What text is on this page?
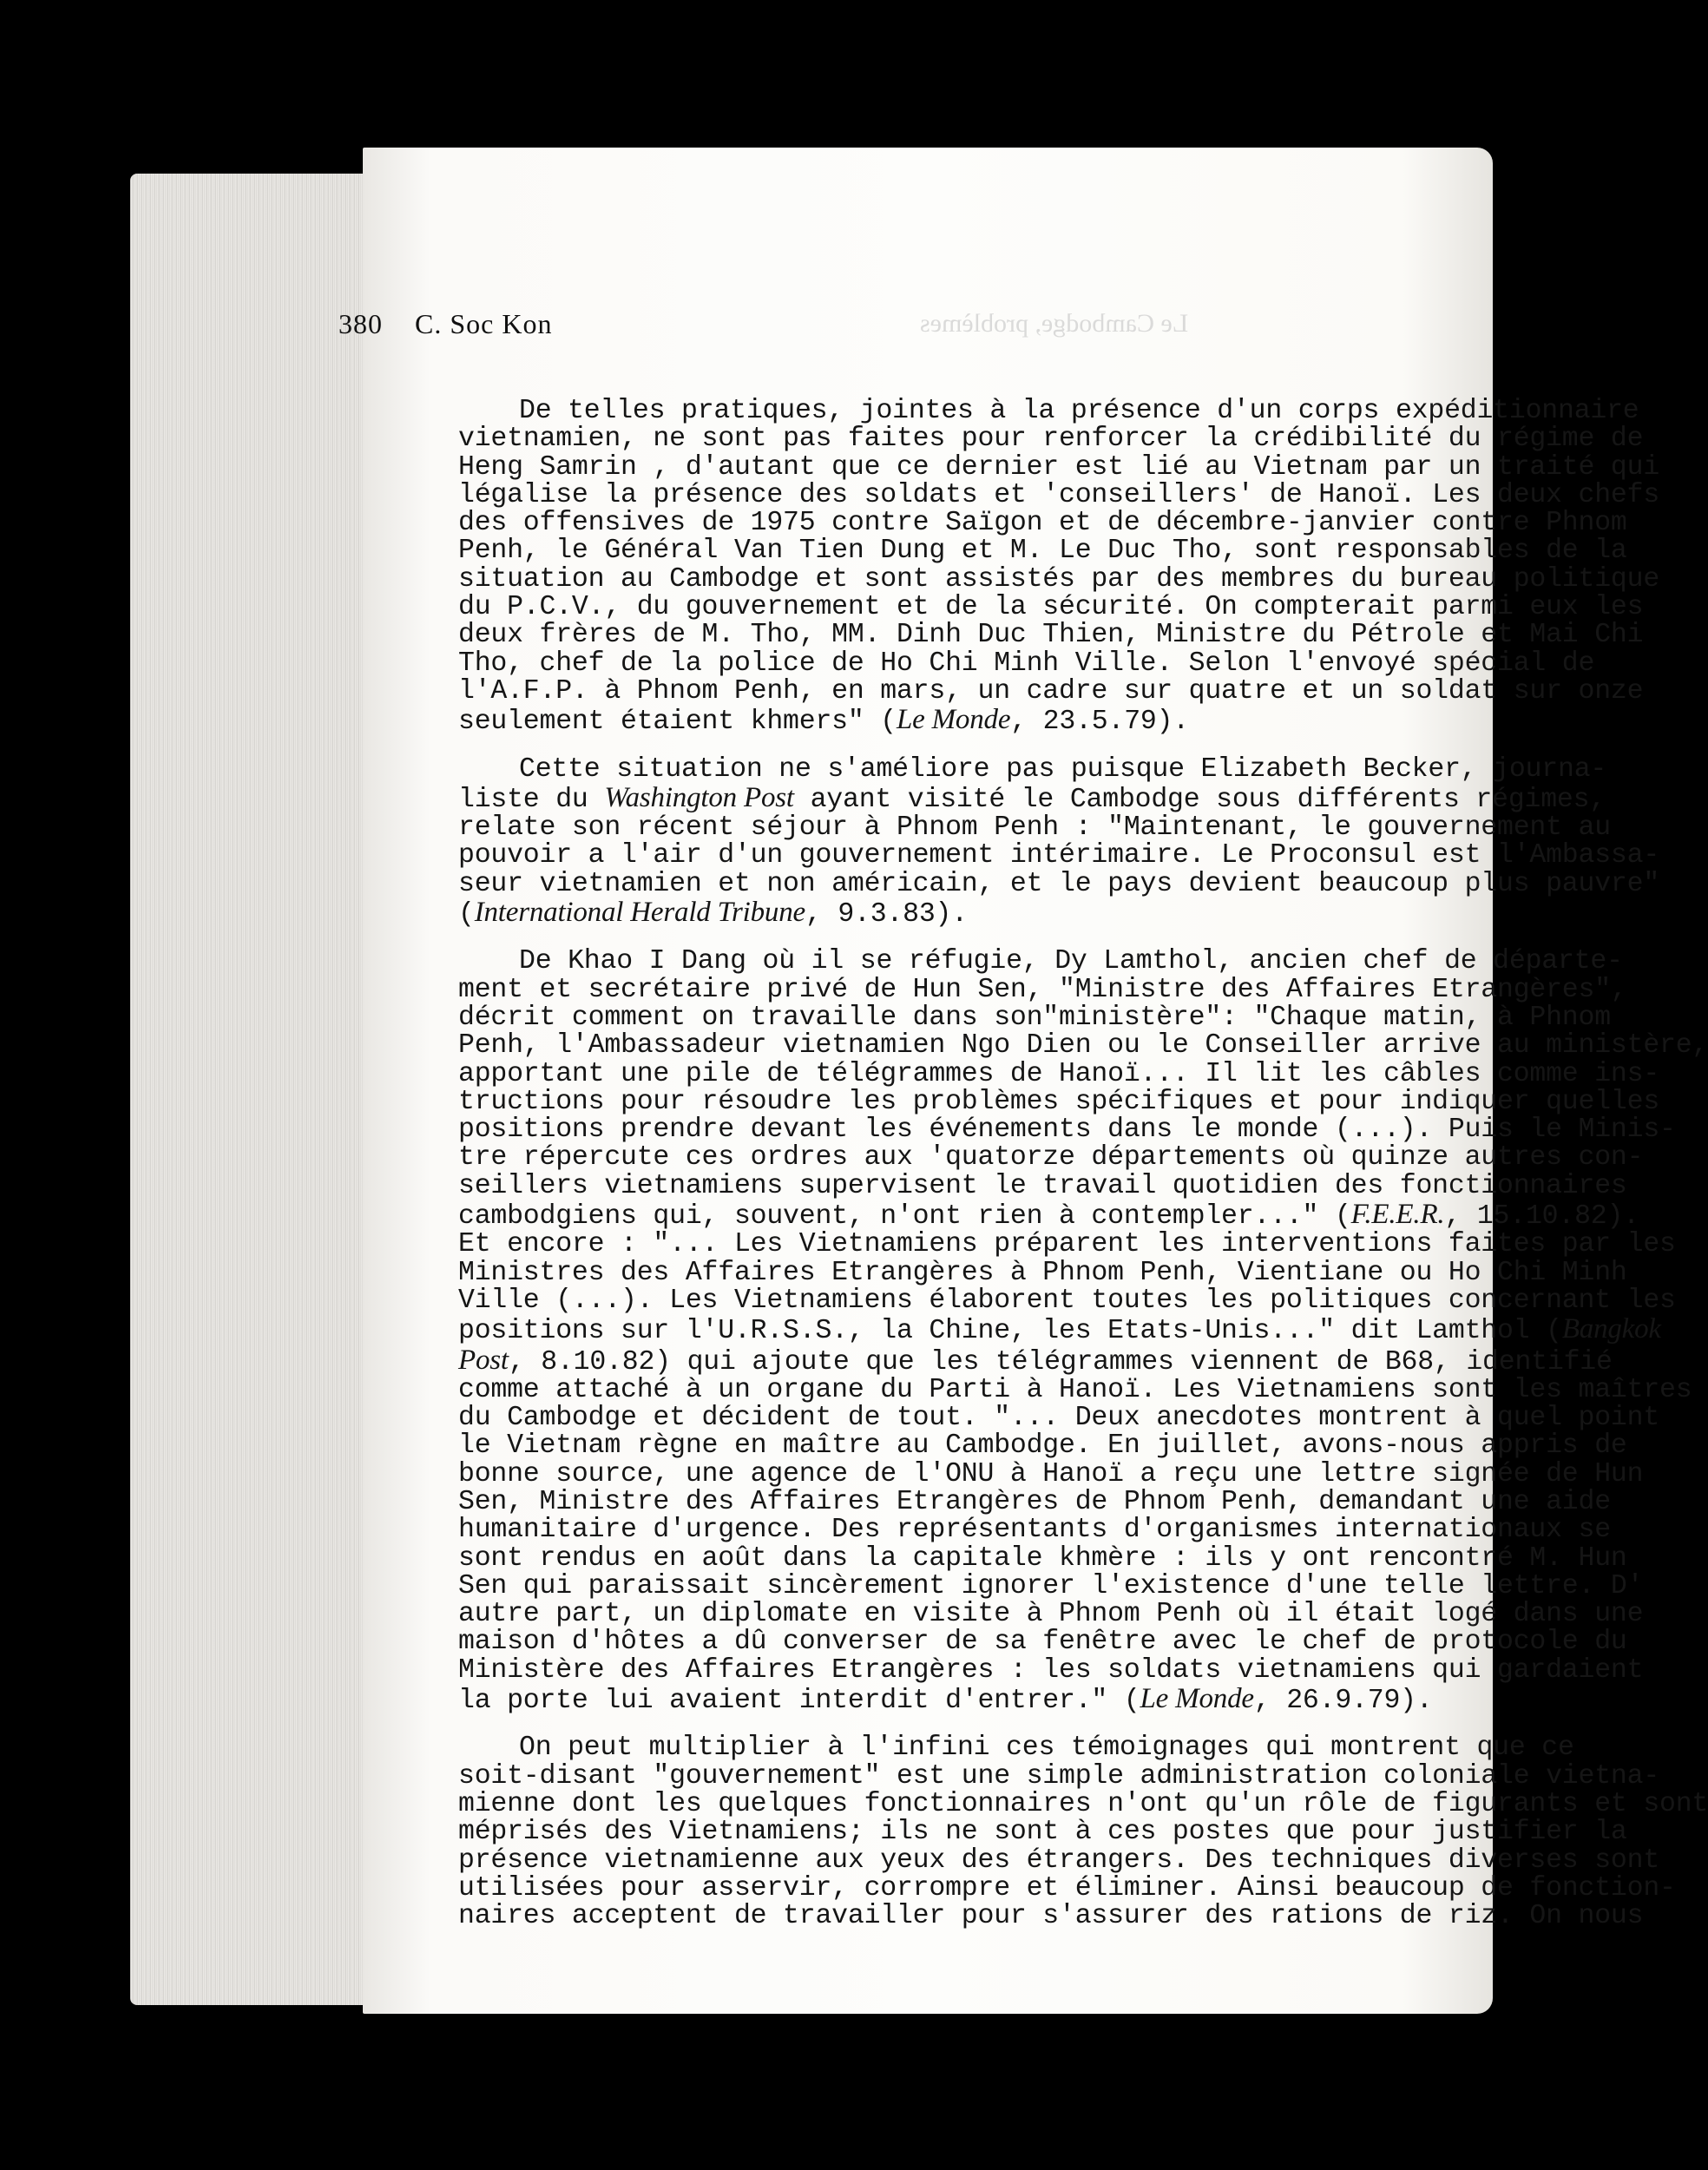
Le Cambodge, problèmes
380 C. Soc Kon
De telles pratiques, jointes à la présence d'un corps expéditionnaire
vietnamien, ne sont pas faites pour renforcer la crédibilité du régime de
Heng Samrin , d'autant que ce dernier est lié au Vietnam par un traité qui
légalise la présence des soldats et 'conseillers' de Hanoï. Les deux chefs
des offensives de 1975 contre Saïgon et de décembre-janvier contre Phnom
Penh, le Général Van Tien Dung et M. Le Duc Tho, sont responsables de la
situation au Cambodge et sont assistés par des membres du bureau politique
du P.C.V., du gouvernement et de la sécurité. On compterait parmi eux les
deux frères de M. Tho, MM. Dinh Duc Thien, Ministre du Pétrole et Mai Chi
Tho, chef de la police de Ho Chi Minh Ville. Selon l'envoyé spécial de
l'A.F.P. à Phnom Penh, en mars, un cadre sur quatre et un soldat sur onze
seulement étaient khmers" (Le Monde, 23.5.79).
Cette situation ne s'améliore pas puisque Elizabeth Becker, journa-
liste du Washington Post ayant visité le Cambodge sous différents régimes,
relate son récent séjour à Phnom Penh : "Maintenant, le gouvernement au
pouvoir a l'air d'un gouvernement intérimaire. Le Proconsul est l'Ambassa-
seur vietnamien et non américain, et le pays devient beaucoup plus pauvre"
(International Herald Tribune, 9.3.83).
De Khao I Dang où il se réfugie, Dy Lamthol, ancien chef de départe-
ment et secrétaire privé de Hun Sen, "Ministre des Affaires Etrangères",
décrit comment on travaille dans son"ministère": "Chaque matin, à Phnom
Penh, l'Ambassadeur vietnamien Ngo Dien ou le Conseiller arrive au ministère,
apportant une pile de télégrammes de Hanoï... Il lit les câbles comme ins-
tructions pour résoudre les problèmes spécifiques et pour indiquer quelles
positions prendre devant les événements dans le monde (...). Puis le Minis-
tre répercute ces ordres aux 'quatorze départements où quinze autres con-
seillers vietnamiens supervisent le travail quotidien des fonctionnaires
cambodgiens qui, souvent, n'ont rien à contempler..." (F.E.E.R., 15.10.82).
Et encore : "... Les Vietnamiens préparent les interventions faites par les
Ministres des Affaires Etrangères à Phnom Penh, Vientiane ou Ho Chi Minh
Ville (...). Les Vietnamiens élaborent toutes les politiques concernant les
positions sur l'U.R.S.S., la Chine, les Etats-Unis..." dit Lamthol (Bangkok
Post, 8.10.82) qui ajoute que les télégrammes viennent de B68, identifié
comme attaché à un organe du Parti à Hanoï. Les Vietnamiens sont les maîtres
du Cambodge et décident de tout. "... Deux anecdotes montrent à quel point
le Vietnam règne en maître au Cambodge. En juillet, avons-nous appris de
bonne source, une agence de l'ONU à Hanoï a reçu une lettre signée de Hun
Sen, Ministre des Affaires Etrangères de Phnom Penh, demandant une aide
humanitaire d'urgence. Des représentants d'organismes internationaux se
sont rendus en août dans la capitale khmère : ils y ont rencontré M. Hun
Sen qui paraissait sincèrement ignorer l'existence d'une telle lettre. D'
autre part, un diplomate en visite à Phnom Penh où il était logé dans une
maison d'hôtes a dû converser de sa fenêtre avec le chef de protocole du
Ministère des Affaires Etrangères : les soldats vietnamiens qui gardaient
la porte lui avaient interdit d'entrer." (Le Monde, 26.9.79).
On peut multiplier à l'infini ces témoignages qui montrent que ce
soit-disant "gouvernement" est une simple administration coloniale vietna-
mienne dont les quelques fonctionnaires n'ont qu'un rôle de figurants et sont
méprisés des Vietnamiens; ils ne sont à ces postes que pour justifier la
présence vietnamienne aux yeux des étrangers. Des techniques diverses sont
utilisées pour asservir, corrompre et éliminer. Ainsi beaucoup de fonction-
naires acceptent de travailler pour s'assurer des rations de riz. On nous
